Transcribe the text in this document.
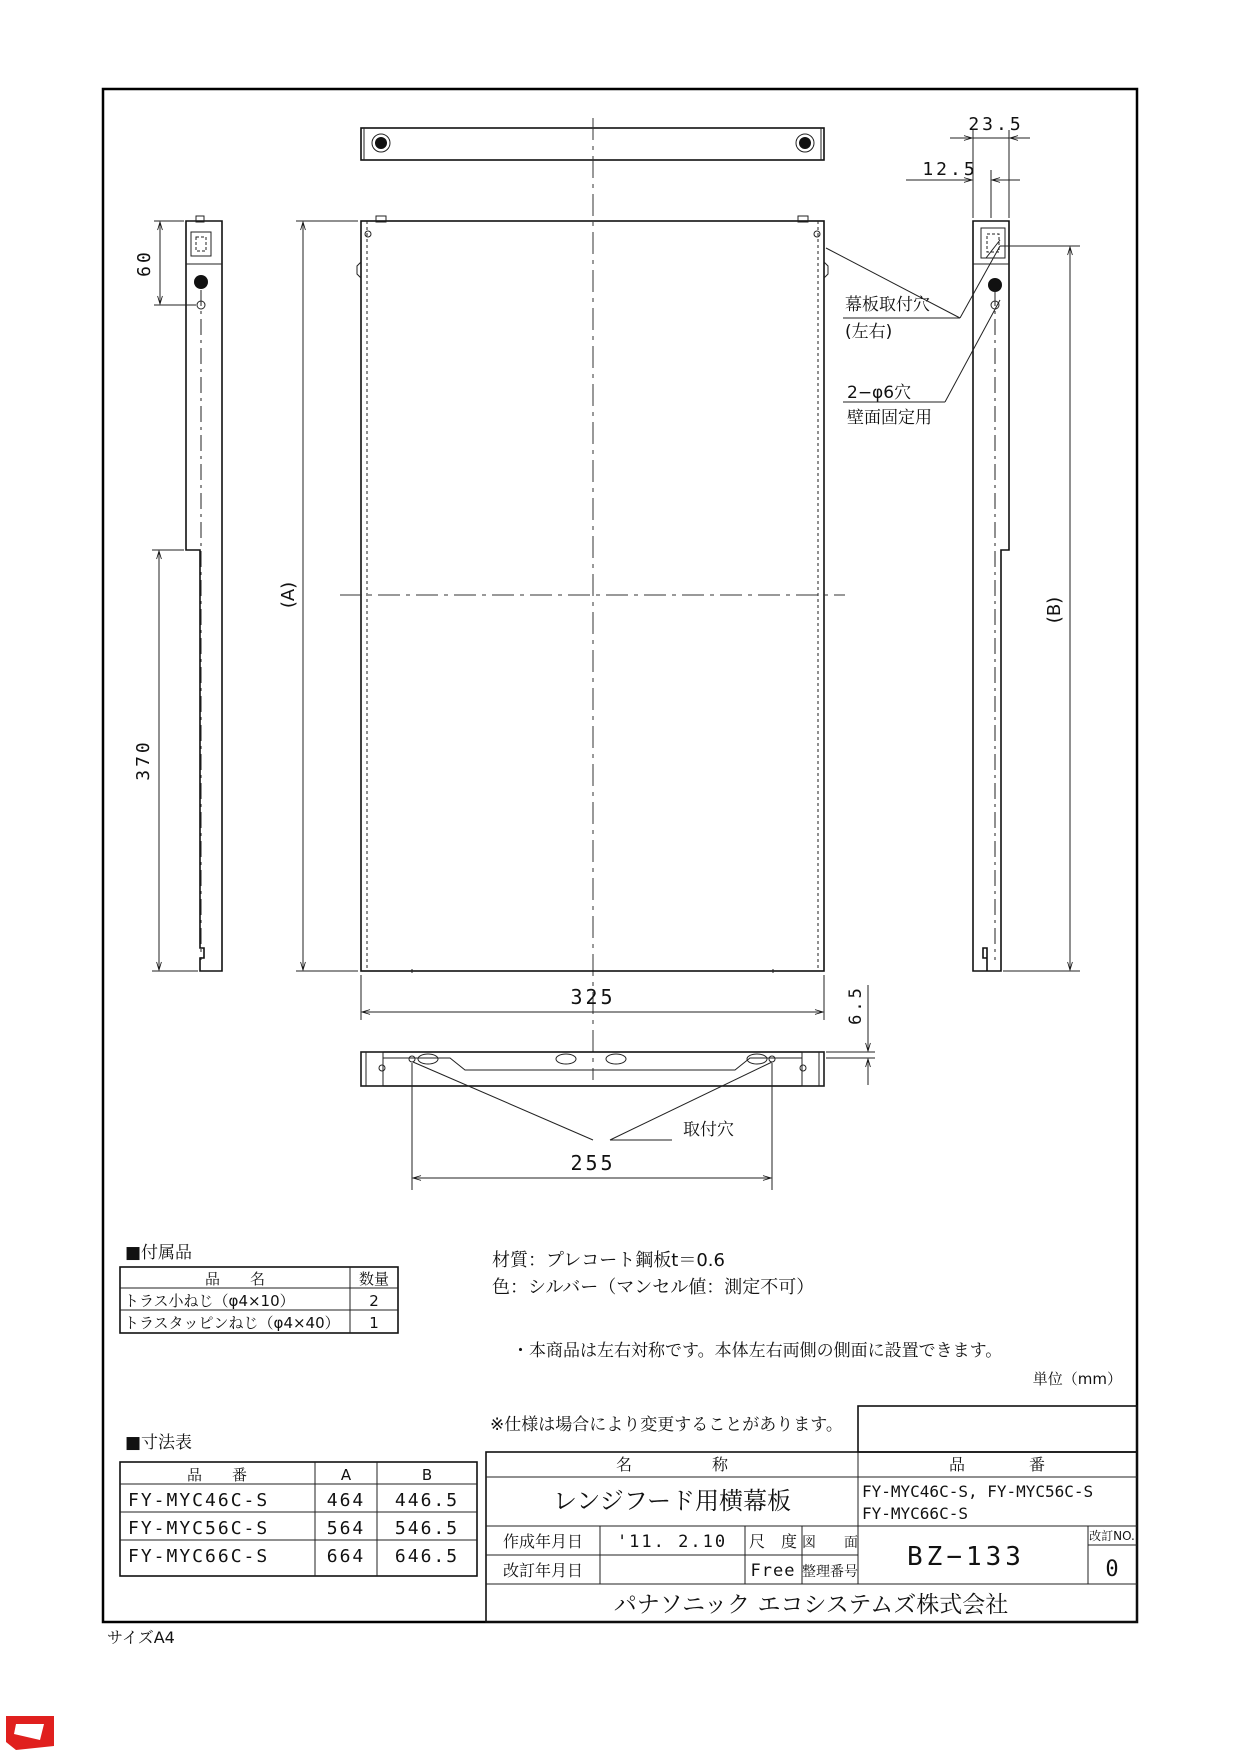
(A)
325
60
370
23.5
12.5
(B)
幕板取付穴
(左右)
2−φ6穴
壁面固定用
6.5
取付穴
255
材質：プレコート鋼板t＝0.6
色：シルバー（マンセル値：測定不可）
・本商品は左右対称です。本体左右両側の側面に設置できます。
単位（mm）
※仕様は場合により変更することがあります。
■付属品
品　　名	数量
トラス小ねじ（φ4×10）	2
トラスタッピンねじ（φ4×40） 1
■寸法表
品　　番	A	B
FY-MYC46C-S	464 446.5
FY-MYC56C-S	564 546.5
FY-MYC66C-S	664 646.5
名　　　　　称
レンジフード用横幕板
品　　　　番
FY-MYC46C-S, FY-MYC56C-S
FY-MYC66C-S
作成年月日 '11. 2.10
改訂年月日
尺　度
Free
図　　面
整理番号 BZ−133
改訂NO.
0
パナソニック エコシステムズ株式会社
サイズA4
